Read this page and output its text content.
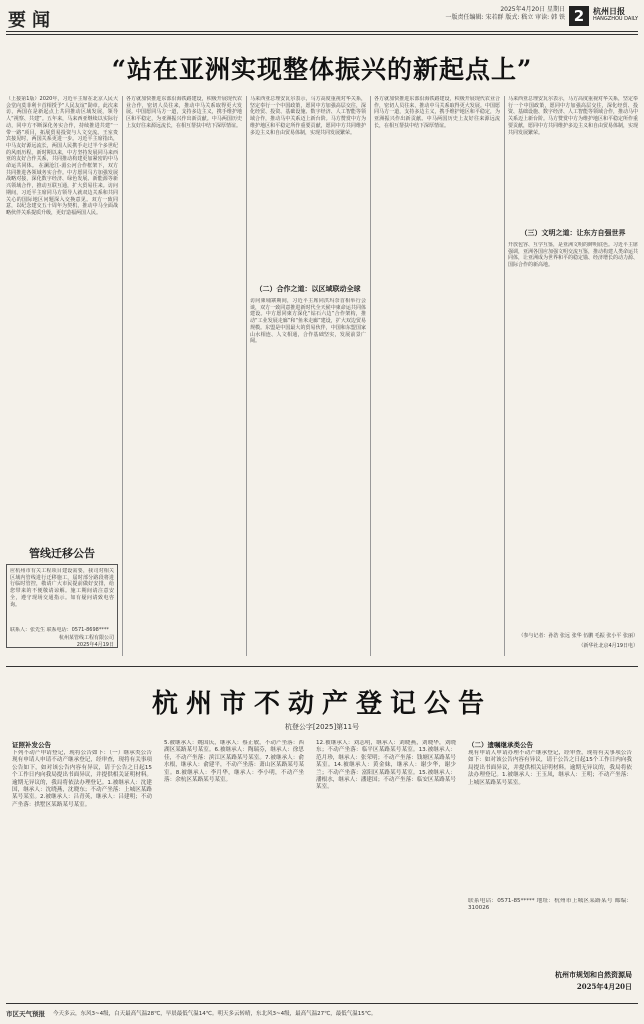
要闻
2025年4月20日 星期日
一版责任编辑: 宋若群 版式: 嵇立 审读: 韩 铁 2	杭州日报
HANGZHOU DAILY
“站在亚洲实现整体振兴的新起点上”
（上接第1版）2020年，习近平主席在北京人民大会堂向莫菲利卡首相授予“人民友谊”勋章。此次来访，两国在是新起点上共同推动区域发展，领导人“视察、共建”。五年来，马来西亚继续以实际行动，同中方不断深化务实合作，持续推进共建“一带一路”项目，拓展贸易投资与人文交流。王室贵宾接见时，两国关系更进一步。习近平主席指出，中马友好源远流长，两国人民携手走过半个多世纪的风雨历程。新时期以来，中方坚持发展同马来西亚的友好合作关系，共同推动构建更加紧密的中马命运共同体。 在澜沧江-湄公河合作框架下，双方共同推进各领域务实合作。中方愿同马方加强发展战略对接，深化数字经济、绿色发展、新能源等新兴领域合作，推动互联互通，扩大贸易往来。访问期间，习近平主席同马方领导人就双边关系和共同关心的国际地区问题深入交换意见。双方一致同意，以纪念建交五十周年为契机，推动中马全面战略伙伴关系提质升级，更好造福两国人民。
各方就加快推进东部沿海铁路建设，积极开展现代农业合作，密切人员往来，推动中马关系取得更大发展。中国愿同马方一道，支持多边主义，携手维护地区和平稳定，为亚洲振兴作出新贡献。中马两国历史上友好往来源远流长，在相互帮扶中结下深厚情谊。
马来西亚总理安瓦尔表示，马方高度重视对华关系，坚定奉行一个中国政策，愿同中方加强高层交往，深化经贸、投资、基础设施、数字经济、人工智能等领域合作，推动马中关系迈上新台阶。马方赞赏中方为维护地区和平稳定所作重要贡献，愿同中方共同维护多边主义和自由贸易体制，实现共同发展繁荣。
（二）合作之道：以区域联动全球
访问柬埔寨期间，习近平主席同洪玛奈首相举行会谈，双方一致同意推进新时代全天候中柬命运共同体建设。中方愿同柬方深化“钻石六边”合作架构，推动“工业发展走廊”和“鱼米走廊”建设，扩大双边贸易规模。东盟是中国最大的贸易伙伴，中国和东盟国家山水相连、人文相通，合作基础坚实，发展前景广阔。
各方就加快推进东部沿海铁路建设，积极开展现代农业合作，密切人员往来，推动中马关系取得更大发展。中国愿同马方一道，支持多边主义，携手维护地区和平稳定，为亚洲振兴作出新贡献。中马两国历史上友好往来源远流长，在相互帮扶中结下深厚情谊。
马来西亚总理安瓦尔表示，马方高度重视对华关系，坚定奉行一个中国政策，愿同中方加强高层交往，深化经贸、投资、基础设施、数字经济、人工智能等领域合作，推动马中关系迈上新台阶。马方赞赏中方为维护地区和平稳定所作重要贡献，愿同中方共同维护多边主义和自由贸易体制，实现共同发展繁荣。
（三）文明之道：让东方自强世界
开放包容、互学互鉴，是亚洲文明的鲜明底色。习近平主席强调，亚洲各国应加强文明交流互鉴，推动构建人类命运共同体，让亚洲成为世界和平的稳定锚、经济增长的动力源、国际合作的新高地。
（参与记者：孙浩 张远 张华 伍鹏 毛振 张小平 张丽）
（新华社北京4月19日电）
管线迁移公告
应杭州市有关工程项目建设需要，我司对相关区域内管线进行迁移施工，届时部分路段将进行临时管控，敬请广大市民提前做好安排，给您带来的不便敬请谅解。施工期间请注意安全，遵守现场交通指示。如有疑问请致电咨询。
联系人：张先生 联系电话：0571-8698****
杭州某管线工程有限公司
2025年4月19日
杭州市不动产登记公告
杭登公字[2025]第11号
证照补发公告
下列不动产申请登记，现将公告如下：（一）继承类公告 现有申请人申请不动产继承登记，经审查，现将有关事项公告如下，如对该公告内容有异议，请于公告之日起15个工作日内向我局提出书面异议，并提供相关证明材料。逾期无异议的，我局将依法办理登记。1.被继承人：沈建国，继承人：沈晓燕，沈晓东；不动产坐落：上城区某路某号某室。2.被继承人：吕青英，继承人：吕建明；不动产坐落：拱墅区某路某号某室。
5.被继承人：姚国庆，继承人：蔡正敏，不动产坐落：西湖区某路某号某室。6.被继承人：陶瑞芬，继承人：徐思佳，不动产坐落：滨江区某路某号某室。7.被继承人：俞水根，继承人：俞建平，不动产坐落：萧山区某路某号某室。8.被继承人：李月华，继承人：李小明，不动产坐落：余杭区某路某号某室。
12.被继承人：刘志明，继承人：刘晓燕，刘晓华，刘晓东；不动产坐落：临平区某路某号某室。13.被继承人：范月珍，继承人：张荣明；不动产坐落：钱塘区某路某号某室。14.被继承人：黄金妹，继承人：谢少华，谢少兰；不动产坐落：富阳区某路某号某室。15.被继承人：潘根水，继承人：潘建国；不动产坐落：临安区某路某号某室。
（二）遗嘱继承类公告
现有申请人申请办理不动产继承登记，经审查，现将有关事项公告如下：如对该公告内容有异议，请于公告之日起15个工作日内向我局提出书面异议，并提供相关证明材料。逾期无异议的，我局将依法办理登记。1.被继承人：王玉凤，继承人：王明；不动产坐落：上城区某路某号某室。
联系电话：0571-85***** 地址：杭州市上城区某路某号 邮编：310026
杭州市规划和自然资源局
2025年4月20日
市区天气预报 今天多云，东风3~4级，白天最高气温28℃，早晨最低气温14℃。明天多云转晴，东北风3~4级，最高气温27℃，最低气温15℃。
